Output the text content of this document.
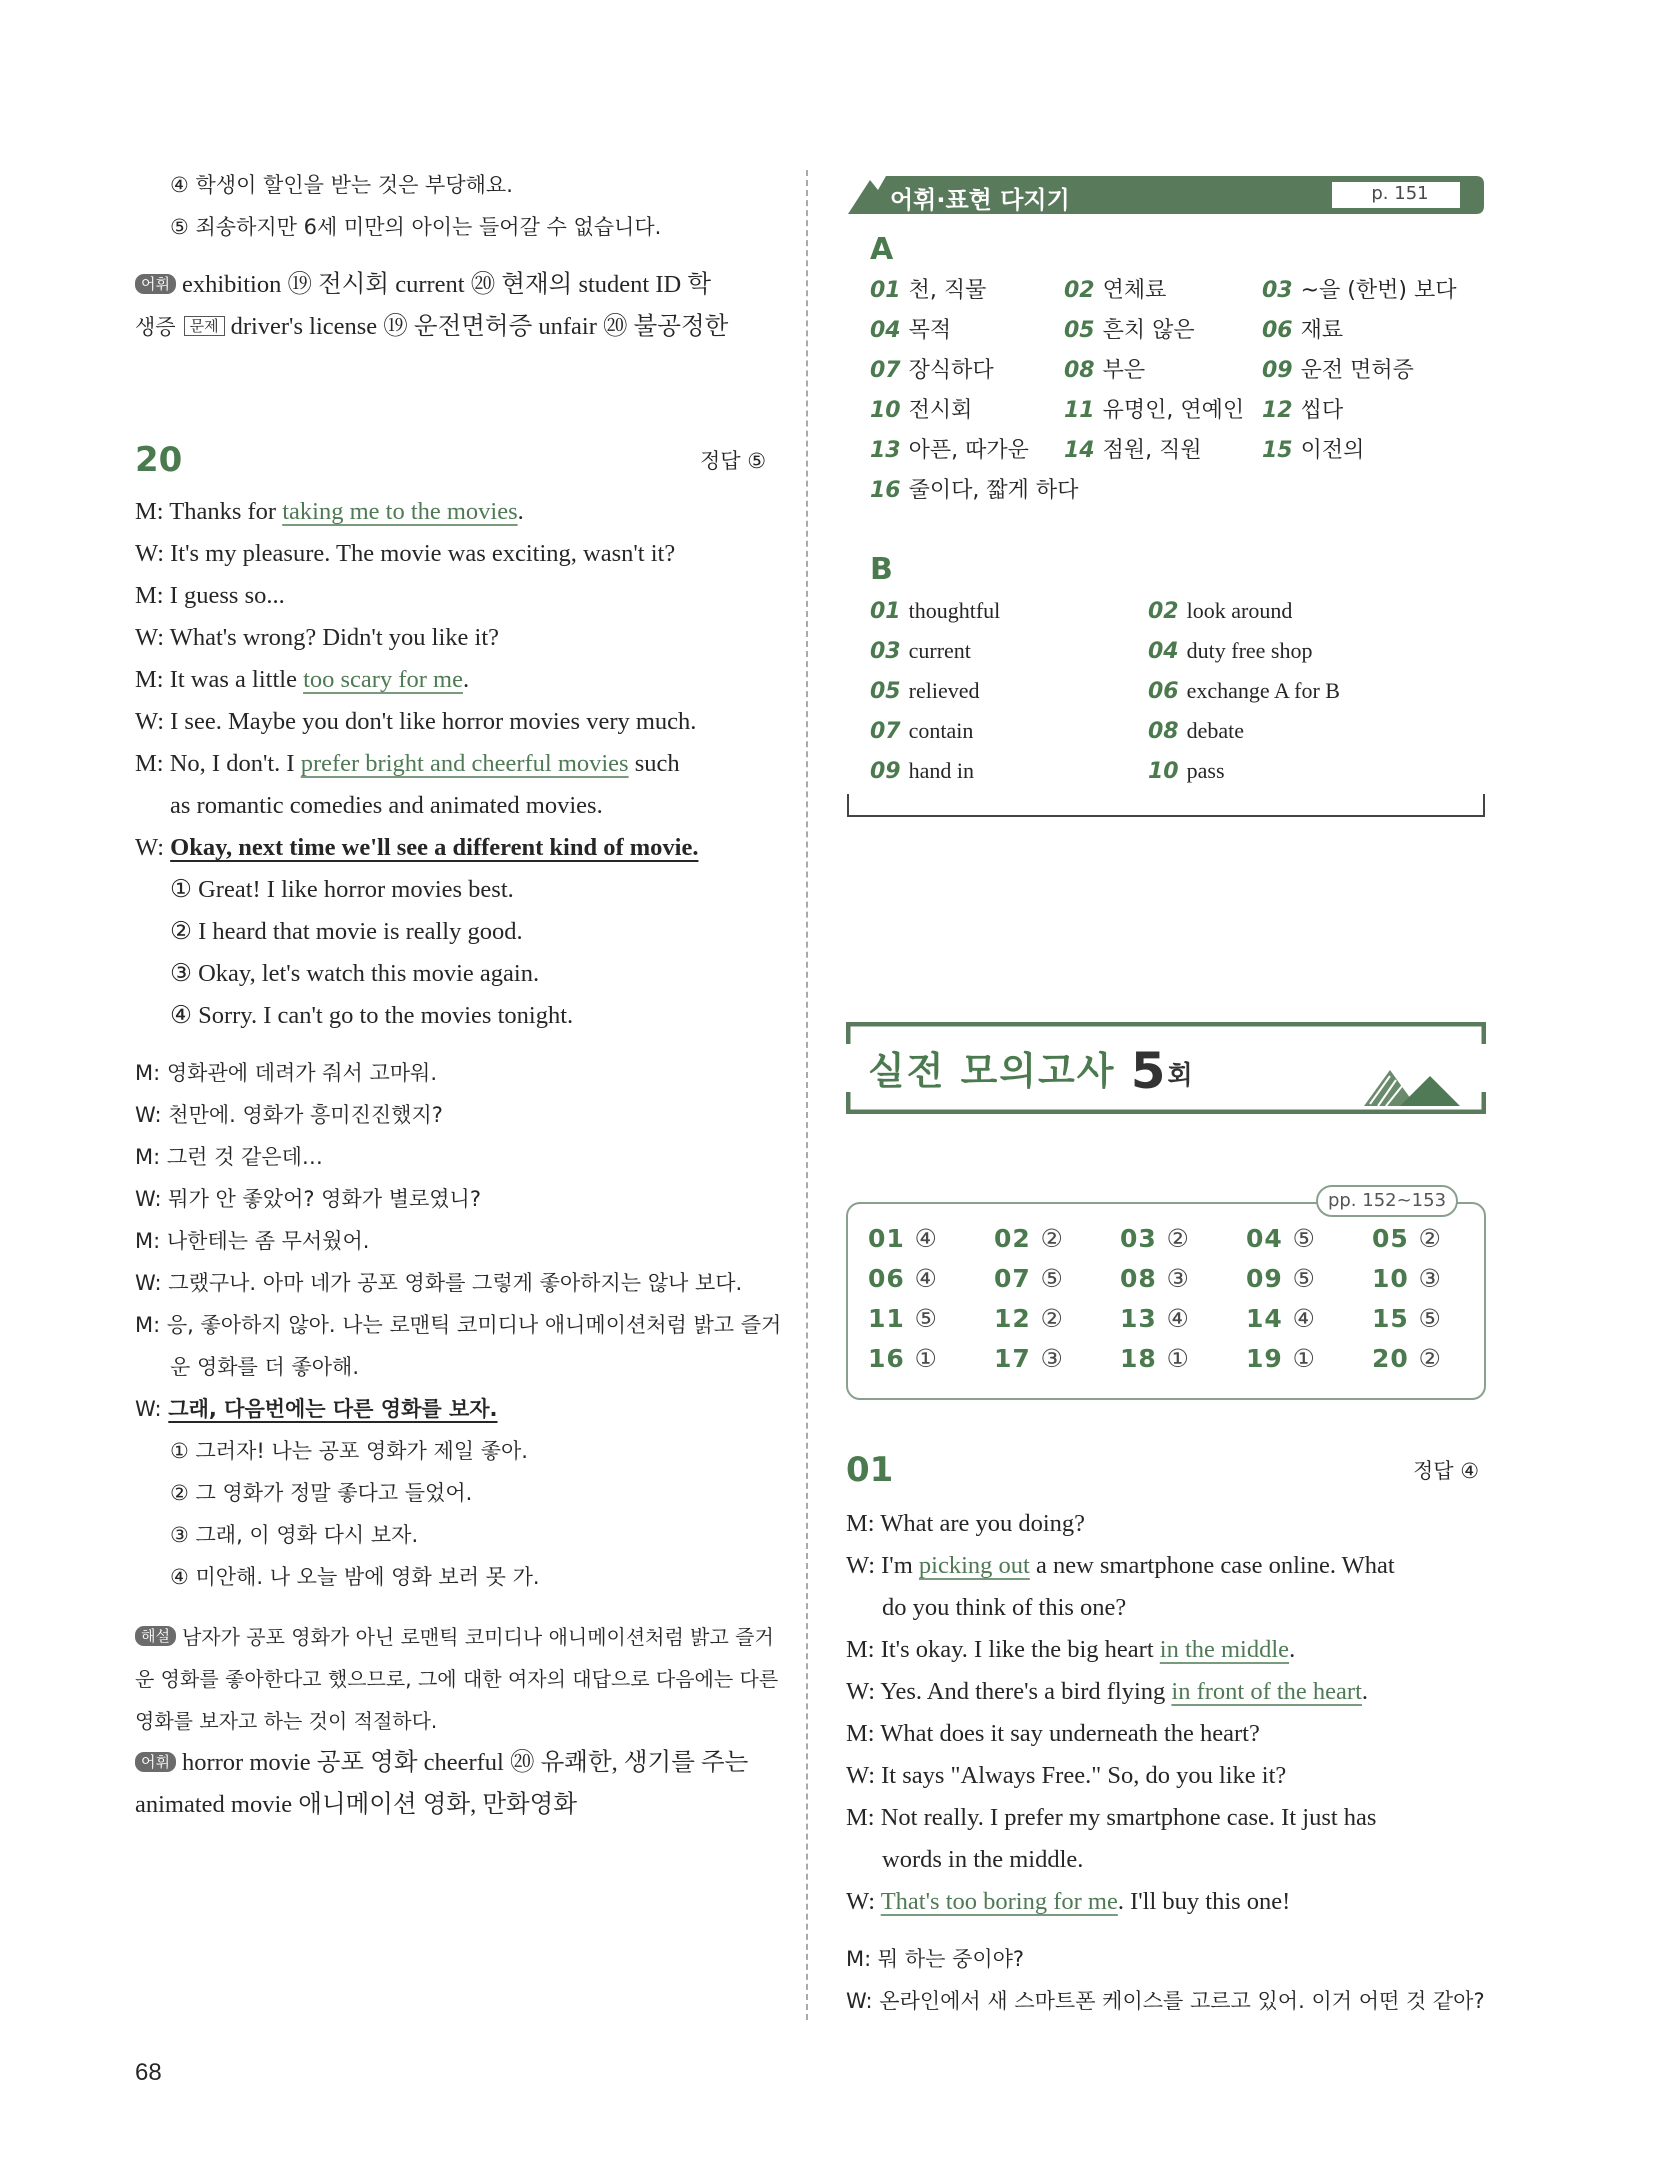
④ 학생이 할인을 받는 것은 부당해요.
⑤ 죄송하지만 6세 미만의 아이는 들어갈 수 없습니다.
어휘 exhibition ⑲ 전시회 current ⑳ 현재의 student ID 학
생증 문제 driver's license ⑲ 운전면허증 unfair ⑳ 불공정한
20	정답 ⑤
M: Thanks for taking me to the movies.
W: It's my pleasure. The movie was exciting, wasn't it?
M: I guess so...
W: What's wrong? Didn't you like it?
M: It was a little too scary for me.
W: I see. Maybe you don't like horror movies very much.
M: No, I don't. I prefer bright and cheerful movies such
as romantic comedies and animated movies.
W: Okay, next time we'll see a different kind of movie.
① Great! I like horror movies best.
② I heard that movie is really good.
③ Okay, let's watch this movie again.
④ Sorry. I can't go to the movies tonight.
M: 영화관에 데려가 줘서 고마워.
W: 천만에. 영화가 흥미진진했지?
M: 그런 것 같은데…
W: 뭐가 안 좋았어? 영화가 별로였니?
M: 나한테는 좀 무서웠어.
W: 그랬구나. 아마 네가 공포 영화를 그렇게 좋아하지는 않나 보다.
M: 응, 좋아하지 않아. 나는 로맨틱 코미디나 애니메이션처럼 밝고 즐거
운 영화를 더 좋아해.
W: 그래, 다음번에는 다른 영화를 보자.
① 그러자! 나는 공포 영화가 제일 좋아.
② 그 영화가 정말 좋다고 들었어.
③ 그래, 이 영화 다시 보자.
④ 미안해. 나 오늘 밤에 영화 보러 못 가.
해설 남자가 공포 영화가 아닌 로맨틱 코미디나 애니메이션처럼 밝고 즐거
운 영화를 좋아한다고 했으므로, 그에 대한 여자의 대답으로 다음에는 다른
영화를 보자고 하는 것이 적절하다.
어휘 horror movie 공포 영화 cheerful ⑳ 유쾌한, 생기를 주는
animated movie 애니메이션 영화, 만화영화
68
어휘·표현 다지기	p. 151
A
01 천, 직물	02 연체료	03 ~을 (한번) 보다
04 목적	05 흔치 않은	06 재료
07 장식하다	08 부은	09 운전 면허증
10 전시회	11 유명인, 연예인 12 씹다
13 아픈, 따가운 14 점원, 직원	15 이전의
16 줄이다, 짧게 하다
B
01 thoughtful	02 look around
03 current	04 duty free shop
05 relieved	06 exchange A for B
07 contain	08 debate
09 hand in	10 pass
실전 모의고사 5회
pp. 152~153
01 ④ 02 ② 03 ② 04 ⑤ 05 ②
06 ④ 07 ⑤ 08 ③ 09 ⑤ 10 ③
11 ⑤ 12 ② 13 ④ 14 ④ 15 ⑤
16 ① 17 ③ 18 ① 19 ① 20 ②
01	정답 ④
M: What are you doing?
W: I'm picking out a new smartphone case online. What
do you think of this one?
M: It's okay. I like the big heart in the middle.
W: Yes. And there's a bird flying in front of the heart.
M: What does it say underneath the heart?
W: It says "Always Free." So, do you like it?
M: Not really. I prefer my smartphone case. It just has
words in the middle.
W: That's too boring for me. I'll buy this one!
M: 뭐 하는 중이야?
W: 온라인에서 새 스마트폰 케이스를 고르고 있어. 이거 어떤 것 같아?
